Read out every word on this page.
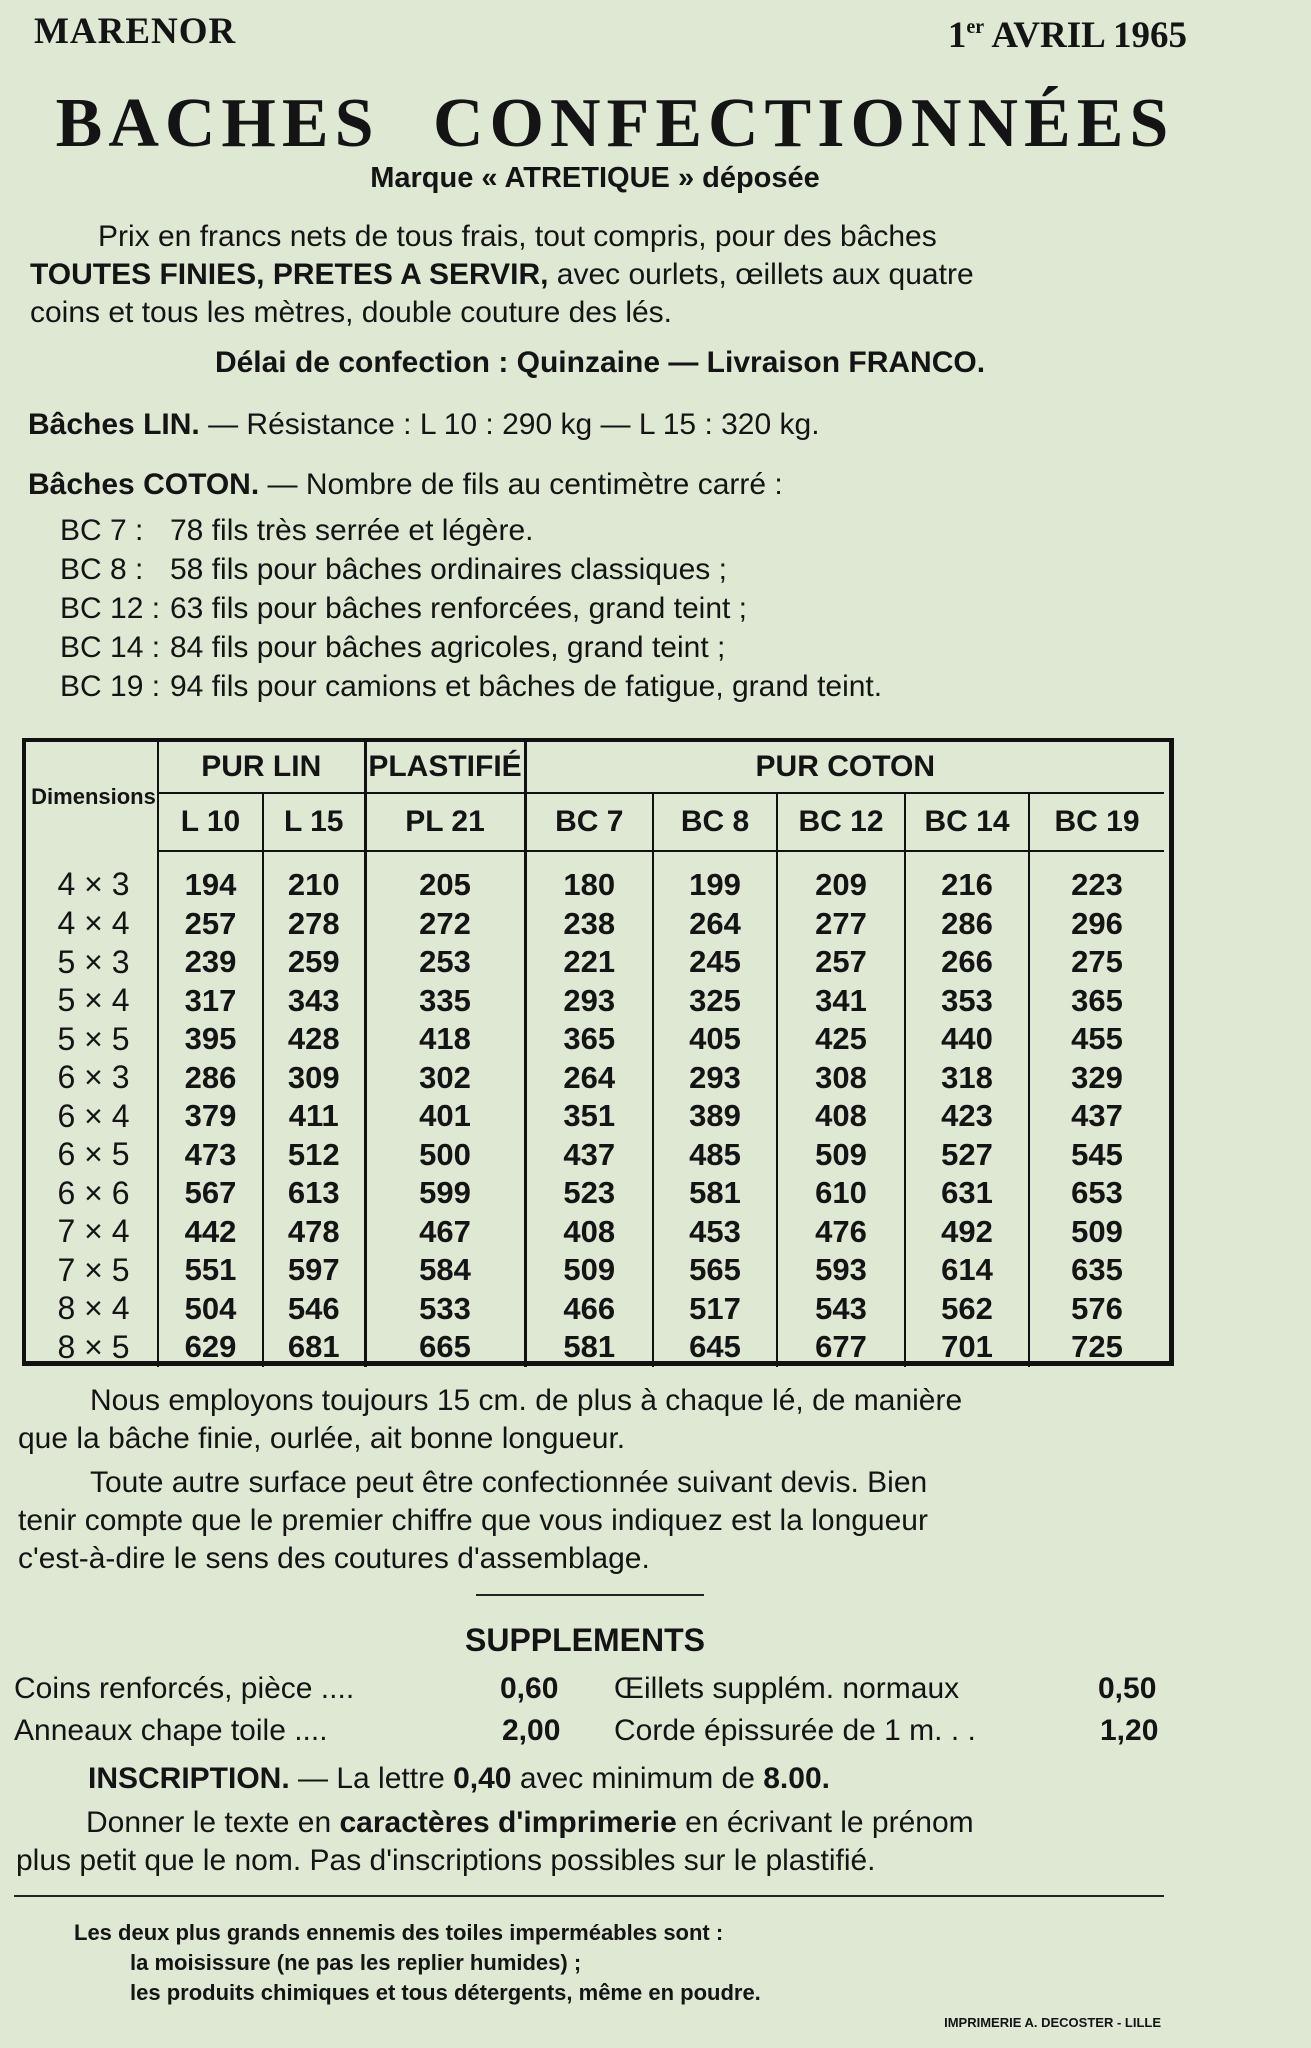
MARENOR	1er AVRIL 1965
BACHES CONFECTIONNÉES
Marque « ATRETIQUE » déposée
Prix en francs nets de tous frais, tout compris, pour des bâches
TOUTES FINIES, PRETES A SERVIR, avec ourlets, œillets aux quatre
coins et tous les mètres, double couture des lés.
Délai de confection : Quinzaine — Livraison FRANCO.
Bâches LIN. — Résistance : L 10 : 290 kg — L 15 : 320 kg.
Bâches COTON. — Nombre de fils au centimètre carré :
BC 7 : 78 fils très serrée et légère.
BC 8 : 58 fils pour bâches ordinaires classiques ;
BC 12 : 63 fils pour bâches renforcées, grand teint ;
BC 14 : 84 fils pour bâches agricoles, grand teint ;
BC 19 : 94 fils pour camions et bâches de fatigue, grand teint.
Dimensions	PUR LIN		PLASTIFIÉ	PUR COTON				
	L 10	L 15	PL 21	BC 7	BC 8	BC 12	BC 14	BC 19
4 × 3	194	210	205	180	199	209	216	223
4 × 4	257	278	272	238	264	277	286	296
5 × 3	239	259	253	221	245	257	266	275
5 × 4	317	343	335	293	325	341	353	365
5 × 5	395	428	418	365	405	425	440	455
6 × 3	286	309	302	264	293	308	318	329
6 × 4	379	411	401	351	389	408	423	437
6 × 5	473	512	500	437	485	509	527	545
6 × 6	567	613	599	523	581	610	631	653
7 × 4	442	478	467	408	453	476	492	509
7 × 5	551	597	584	509	565	593	614	635
8 × 4	504	546	533	466	517	543	562	576
8 × 5	629	681	665	581	645	677	701	725
Nous employons toujours 15 cm. de plus à chaque lé, de manière
que la bâche finie, ourlée, ait bonne longueur.
Toute autre surface peut être confectionnée suivant devis. Bien
tenir compte que le premier chiffre que vous indiquez est la longueur
c'est-à-dire le sens des coutures d'assemblage.
SUPPLEMENTS
Coins renforcés, pièce ....	0,60 Œillets supplém. normaux	0,50
Anneaux chape toile ....	2,00 Corde épissurée de 1 m. . .	1,20
INSCRIPTION. — La lettre 0,40 avec minimum de 8.00.
Donner le texte en caractères d'imprimerie en écrivant le prénom
plus petit que le nom. Pas d'inscriptions possibles sur le plastifié.
Les deux plus grands ennemis des toiles imperméables sont :
la moisissure (ne pas les replier humides) ;
les produits chimiques et tous détergents, même en poudre.
IMPRIMERIE A. DECOSTER - LILLE
